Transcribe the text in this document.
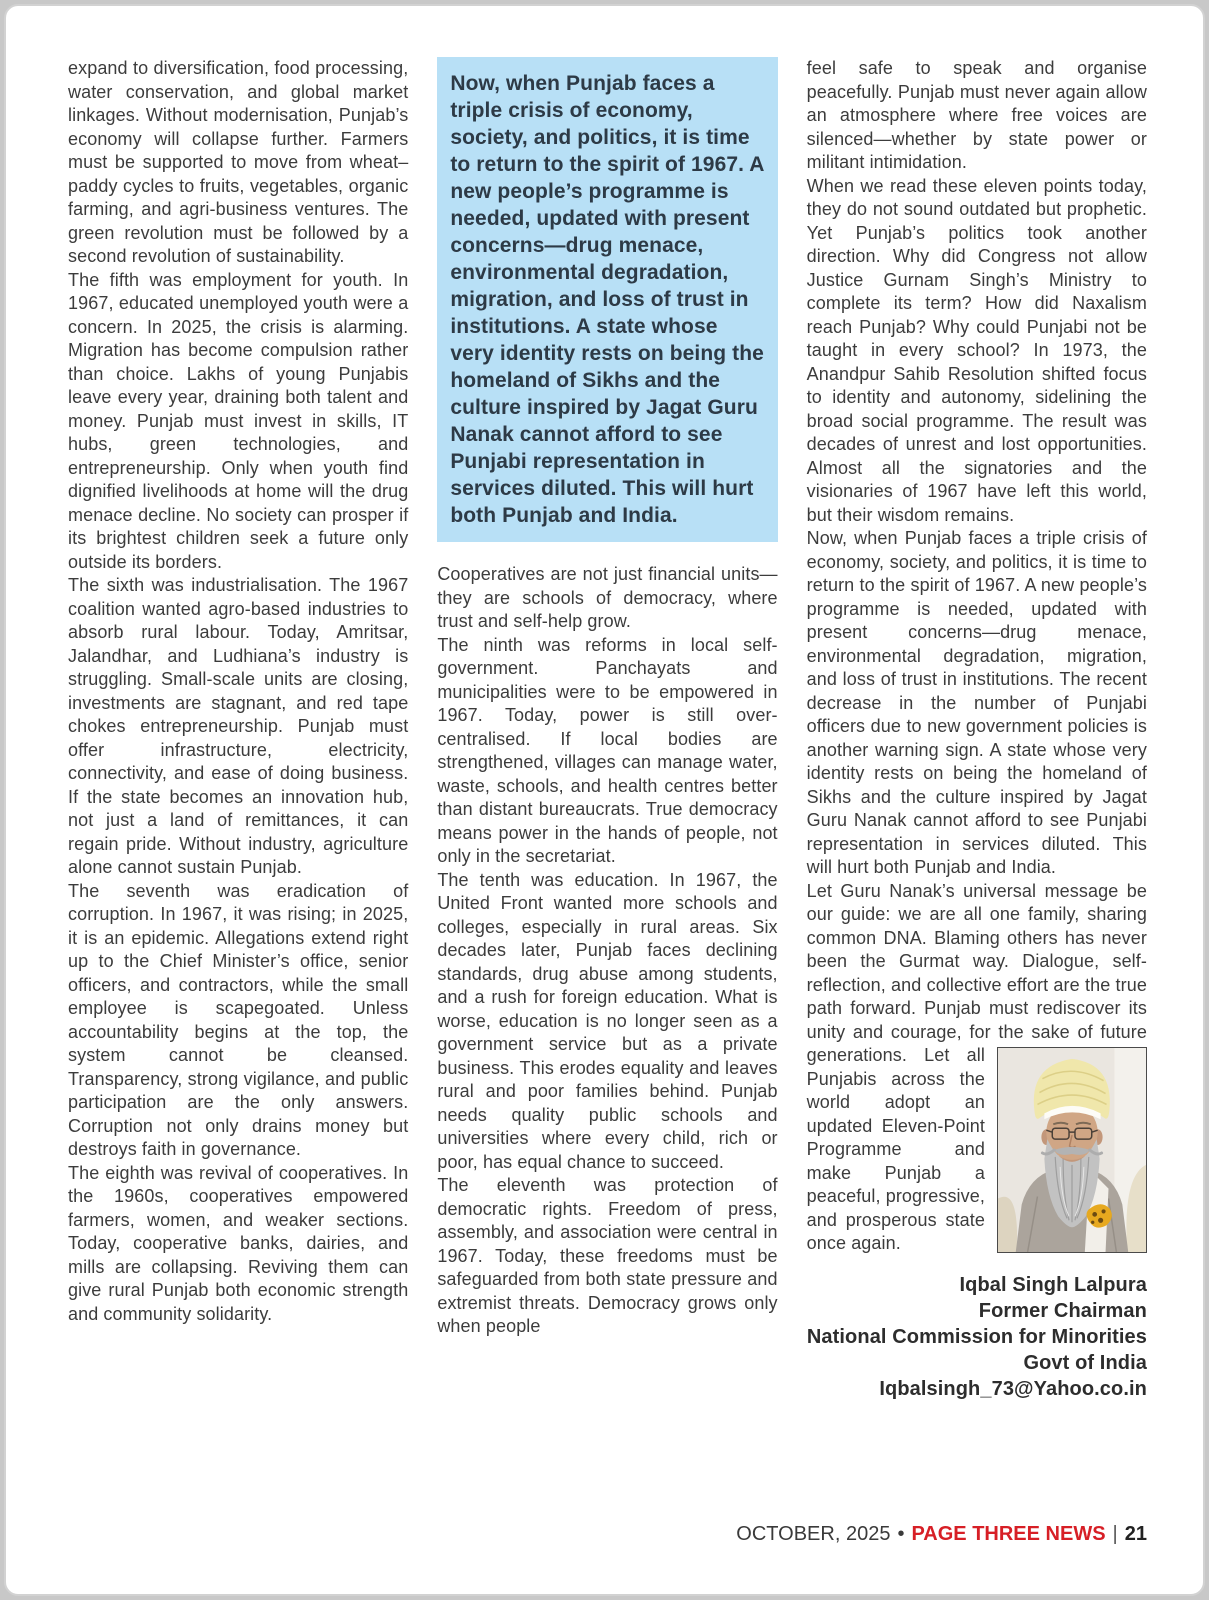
expand to diversification, food processing, water conservation, and global market linkages. Without modernisation, Punjab’s economy will collapse further. Farmers must be supported to move from wheat–paddy cycles to fruits, vegetables, organic farming, and agri-business ventures. The green revolution must be followed by a second revolution of sustainability.

The fifth was employment for youth. In 1967, educated unemployed youth were a concern. In 2025, the crisis is alarming. Migration has become compulsion rather than choice. Lakhs of young Punjabis leave every year, draining both talent and money. Punjab must invest in skills, IT hubs, green technologies, and entrepreneurship. Only when youth find dignified livelihoods at home will the drug menace decline. No society can prosper if its brightest children seek a future only outside its borders.

The sixth was industrialisation. The 1967 coalition wanted agro-based industries to absorb rural labour. Today, Amritsar, Jalandhar, and Ludhiana’s industry is struggling. Small-scale units are closing, investments are stagnant, and red tape chokes entrepreneurship. Punjab must offer infrastructure, electricity, connectivity, and ease of doing business. If the state becomes an innovation hub, not just a land of remittances, it can regain pride. Without industry, agriculture alone cannot sustain Punjab.

The seventh was eradication of corruption. In 1967, it was rising; in 2025, it is an epidemic. Allegations extend right up to the Chief Minister’s office, senior officers, and contractors, while the small employee is scapegoated. Unless accountability begins at the top, the system cannot be cleansed. Transparency, strong vigilance, and public participation are the only answers. Corruption not only drains money but destroys faith in governance.

The eighth was revival of cooperatives. In the 1960s, cooperatives empowered farmers, women, and weaker sections. Today, cooperative banks, dairies, and mills are collapsing. Reviving them can give rural Punjab both economic strength and community solidarity.

Now, when Punjab faces a triple crisis of economy, society, and politics, it is time to return to the spirit of 1967. A new people’s programme is needed, updated with present concerns—drug menace, environmental degradation, migration, and loss of trust in institutions. A state whose very identity rests on being the homeland of Sikhs and the culture inspired by Jagat Guru Nanak cannot afford to see Punjabi representation in services diluted. This will hurt both Punjab and India.

Cooperatives are not just financial units—they are schools of democracy, where trust and self-help grow.

The ninth was reforms in local self-government. Panchayats and municipalities were to be empowered in 1967. Today, power is still over-centralised. If local bodies are strengthened, villages can manage water, waste, schools, and health centres better than distant bureaucrats. True democracy means power in the hands of people, not only in the secretariat.

The tenth was education. In 1967, the United Front wanted more schools and colleges, especially in rural areas. Six decades later, Punjab faces declining standards, drug abuse among students, and a rush for foreign education. What is worse, education is no longer seen as a government service but as a private business. This erodes equality and leaves rural and poor families behind. Punjab needs quality public schools and universities where every child, rich or poor, has equal chance to succeed.

The eleventh was protection of democratic rights. Freedom of press, assembly, and association were central in 1967. Today, these freedoms must be safeguarded from both state pressure and extremist threats. Democracy grows only when people

feel safe to speak and organise peacefully. Punjab must never again allow an atmosphere where free voices are silenced—whether by state power or militant intimidation.

When we read these eleven points today, they do not sound outdated but prophetic. Yet Punjab’s politics took another direction. Why did Congress not allow Justice Gurnam Singh’s Ministry to complete its term? How did Naxalism reach Punjab? Why could Punjabi not be taught in every school? In 1973, the Anandpur Sahib Resolution shifted focus to identity and autonomy, sidelining the broad social programme. The result was decades of unrest and lost opportunities. Almost all the signatories and the visionaries of 1967 have left this world, but their wisdom remains.

Now, when Punjab faces a triple crisis of economy, society, and politics, it is time to return to the spirit of 1967. A new people’s programme is needed, updated with present concerns—drug menace, environmental degradation, migration, and loss of trust in institutions. The recent decrease in the number of Punjabi officers due to new government policies is another warning sign. A state whose very identity rests on being the homeland of Sikhs and the culture inspired by Jagat Guru Nanak cannot afford to see Punjabi representation in services diluted. This will hurt both Punjab and India.

Let Guru Nanak’s universal message be our guide: we are all one family, sharing common DNA. Blaming others has never been the Gurmat way. Dialogue, self-reflection, and collective effort are the true path forward. Punjab must rediscover its unity and courage, for the
sake of future generations. Let all Punjabis across the world adopt an updated Eleven-Point Programme and make Punjab a peaceful, progressive, and prosperous state once again.

Iqbal Singh Lalpura
Former Chairman
National Commission for Minorities
Govt of India
Iqbalsingh_73@Yahoo.co.in
OCTOBER, 2025 • PAGE THREE NEWS | 21
